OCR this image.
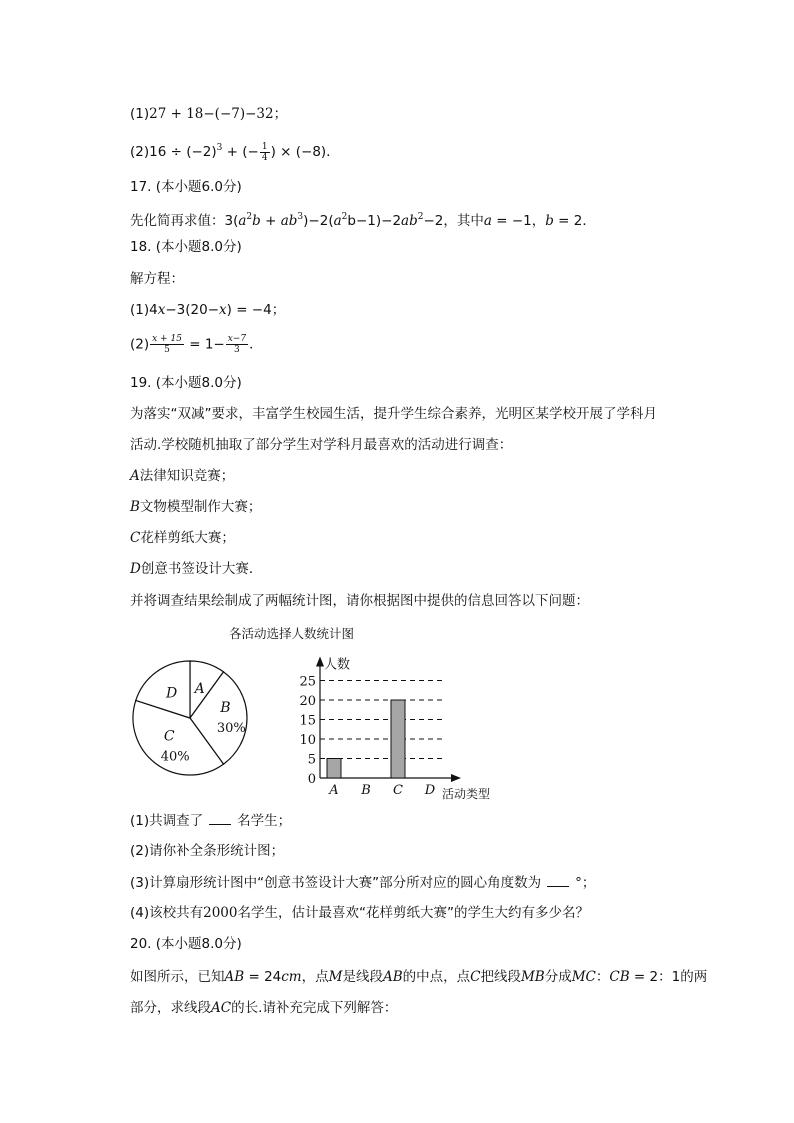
(1)27 + 18−(−7)−32；
$(2)16 \div (-2)^3$ + (− $\frac{1}{4}$ ) × (−8)．
17. (本小题6.0分)
先化简再求值：$3(a^2b + ab^3)-2(a^2b-1)-2ab^2-2$，其中a = −1，b = 2．
18. (本小题8.0分)
解方程：
(1)4x−3(20−x) = −4；
$(2) \frac{x + 15}{5} = 1- \frac{x-7}{3}$ ．
19. (本小题8.0分)
为落实“双减”要求，丰富学生校园生活，提升学生综合素养，光明区某学校开展了学科月
活动.学校随机抽取了部分学生对学科月最喜欢的活动进行调查：
A法律知识竞赛；
B文物模型制作大赛；
C花样剪纸大赛；
D创意书签设计大赛．
并将调查结果绘制成了两幅统计图，请你根据图中提供的信息回答以下问题：
各活动选择人数统计图
A
B
30%
C
40%
D
0
5
10
15
20
25
A B C D
人数
活动类型
(1)共调查了	名学生；
(2)请你补全条形统计图；
(3)计算扇形统计图中“创意书签设计大赛”部分所对应的圆心角度数为	°；
(4)该校共有2000名学生，估计最喜欢“花样剪纸大赛”的学生大约有多少名？
20. (本小题8.0分)
如图所示，已知AB = 24cm，点M是线段AB的中点，点C把线段MB分成MC：CB = 2：1的两
部分，求线段AC的长.请补充完成下列解答：
